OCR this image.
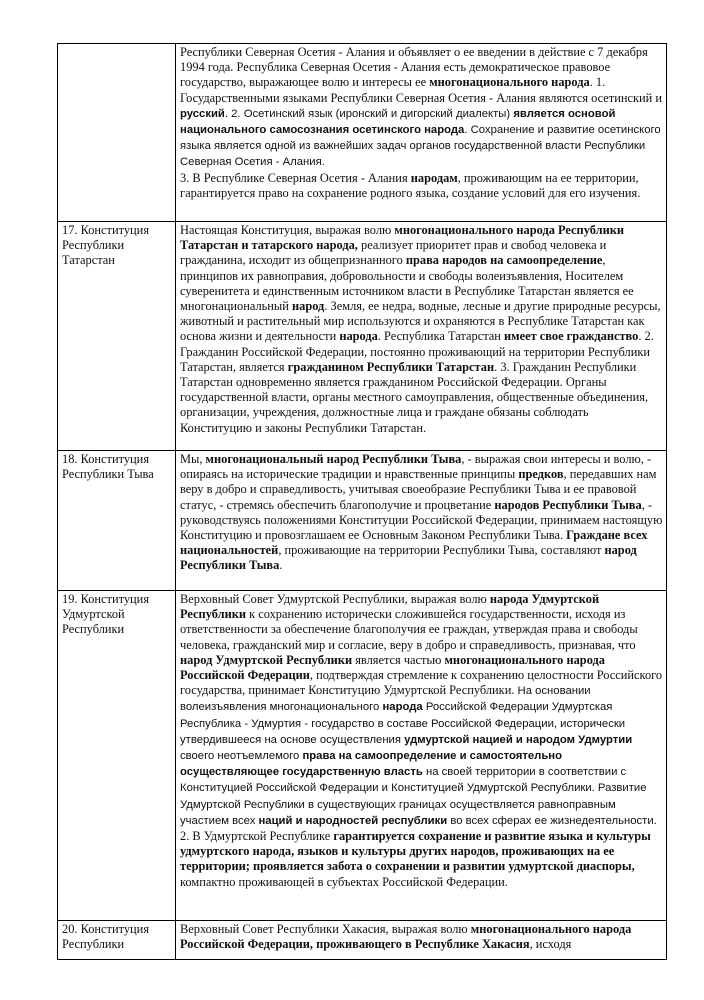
	Республики Северная Осетия - Алания и объявляет о ее введении в действие с 7 декабря 1994 года. Республика Северная Осетия - Алания есть демократическое правовое государство, выражающее волю и интересы ее многонационального народа. 1. Государственными языками Республики Северная Осетия - Алания являются осетинский и русский. 2. Осетинский язык (иронский и дигорский диалекты) является основой национального самосознания осетинского народа. Сохранение и развитие осетинского языка является одной из важнейших задач органов государственной власти Республики Северная Осетия - Алания.
3. В Республике Северная Осетия - Алания народам, проживающим на ее территории, гарантируется право на сохранение родного языка, создание условий для его изучения.

17. Конституция Республики Татарстан	Настоящая Конституция, выражая волю многонационального народа Республики Татарстан и татарского народа, реализует приоритет прав и свобод человека и гражданина, исходит из общепризнанного права народов на самоопределение, принципов их равноправия, добровольности и свободы волеизъявления, Носителем суверенитета и единственным источником власти в Республике Татарстан является ее многонациональный народ. Земля, ее недра, водные, лесные и другие природные ресурсы, животный и растительный мир используются и охраняются в Республике Татарстан как основа жизни и деятельности народа. Республика Татарстан имеет свое гражданство. 2. Гражданин Российской Федерации, постоянно проживающий на территории Республики Татарстан, является гражданином Республики Татарстан. 3. Гражданин Республики Татарстан одновременно является гражданином Российской Федерации. Органы государственной власти, органы местного самоуправления, общественные объединения, организации, учреждения, должностные лица и граждане обязаны соблюдать Конституцию и законы Республики Татарстан.

18. Конституция Республики Тыва	Мы, многонациональный народ Республики Тыва, - выражая свои интересы и волю, - опираясь на исторические традиции и нравственные принципы предков, передавших нам веру в добро и справедливость, учитывая своеобразие Республики Тыва и ее правовой статус, - стремясь обеспечить благополучие и процветание народов Республики Тыва, - руководствуясь положениями Конституции Российской Федерации, принимаем настоящую Конституцию и провозглашаем ее Основным Законом Республики Тыва. Граждане всех национальностей, проживающие на территории Республики Тыва, составляют народ Республики Тыва.

19. Конституция Удмуртской Республики	Верховный Совет Удмуртской Республики, выражая волю народа Удмуртской Республики к сохранению исторически сложившейся государственности, исходя из ответственности за обеспечение благополучия ее граждан, утверждая права и свободы человека, гражданский мир и согласие, веру в добро и справедливость, признавая, что народ Удмуртской Республики является частью многонационального народа Российской Федерации, подтверждая стремление к сохранению целостности Российского государства, принимает Конституцию Удмуртской Республики. На основании волеизъявления многонационального народа Российской Федерации Удмуртская Республика - Удмуртия - государство в составе Российской Федерации, исторически утвердившееся на основе осуществления удмуртской нацией и народом Удмуртии своего неотъемлемого права на самоопределение и самостоятельно осуществляющее государственную власть на своей территории в соответствии с Конституцией Российской Федерации и Конституцией Удмуртской Республики. Развитие Удмуртской Республики в существующих границах осуществляется равноправным участием всех наций и народностей республики во всех сферах ее жизнедеятельности.
2. В Удмуртской Республике гарантируется сохранение и развитие языка и культуры удмуртского народа, языков и культуры других народов, проживающих на ее территории; проявляется забота о сохранении и развитии удмуртской диаспоры, компактно проживающей в субъектах Российской Федерации.

20. Конституция Республики	Верховный Совет Республики Хакасия, выражая волю многонационального народа Российской Федерации, проживающего в Республике Хакасия, исходя
